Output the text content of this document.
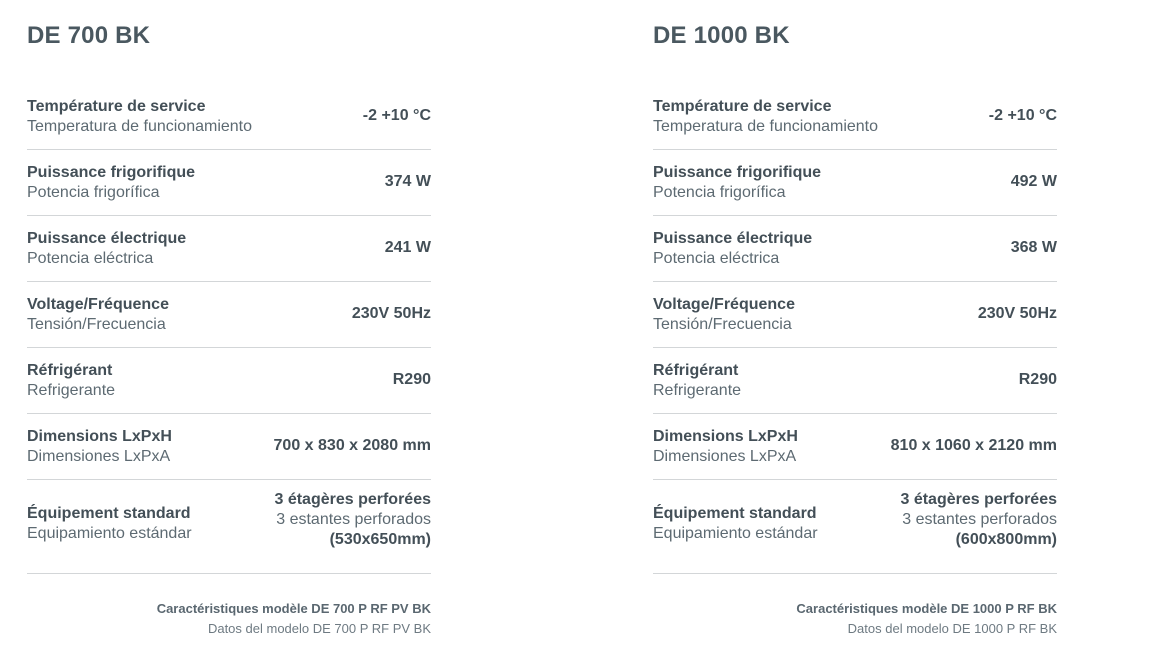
DE 700 BK
Température de service
Temperatura de funcionamiento
-2 +10 °C
Puissance frigorifique
Potencia frigorífica
374 W
Puissance électrique
Potencia eléctrica
241 W
Voltage/Fréquence
Tensión/Frecuencia
230V 50Hz
Réfrigérant
Refrigerante
R290
Dimensions LxPxH
Dimensiones LxPxA
700 x 830 x 2080 mm
Équipement standard
Equipamiento estándar
3 étagères perforées
3 estantes perforados
(530x650mm)
Caractéristiques modèle DE 700 P RF PV BK
Datos del modelo DE 700 P RF PV BK
DE 1000 BK
Température de service
Temperatura de funcionamiento
-2 +10 °C
Puissance frigorifique
Potencia frigorífica
492 W
Puissance électrique
Potencia eléctrica
368 W
Voltage/Fréquence
Tensión/Frecuencia
230V 50Hz
Réfrigérant
Refrigerante
R290
Dimensions LxPxH
Dimensiones LxPxA
810 x 1060 x 2120 mm
Équipement standard
Equipamiento estándar
3 étagères perforées
3 estantes perforados
(600x800mm)
Caractéristiques modèle DE 1000 P RF BK
Datos del modelo DE 1000 P RF BK
